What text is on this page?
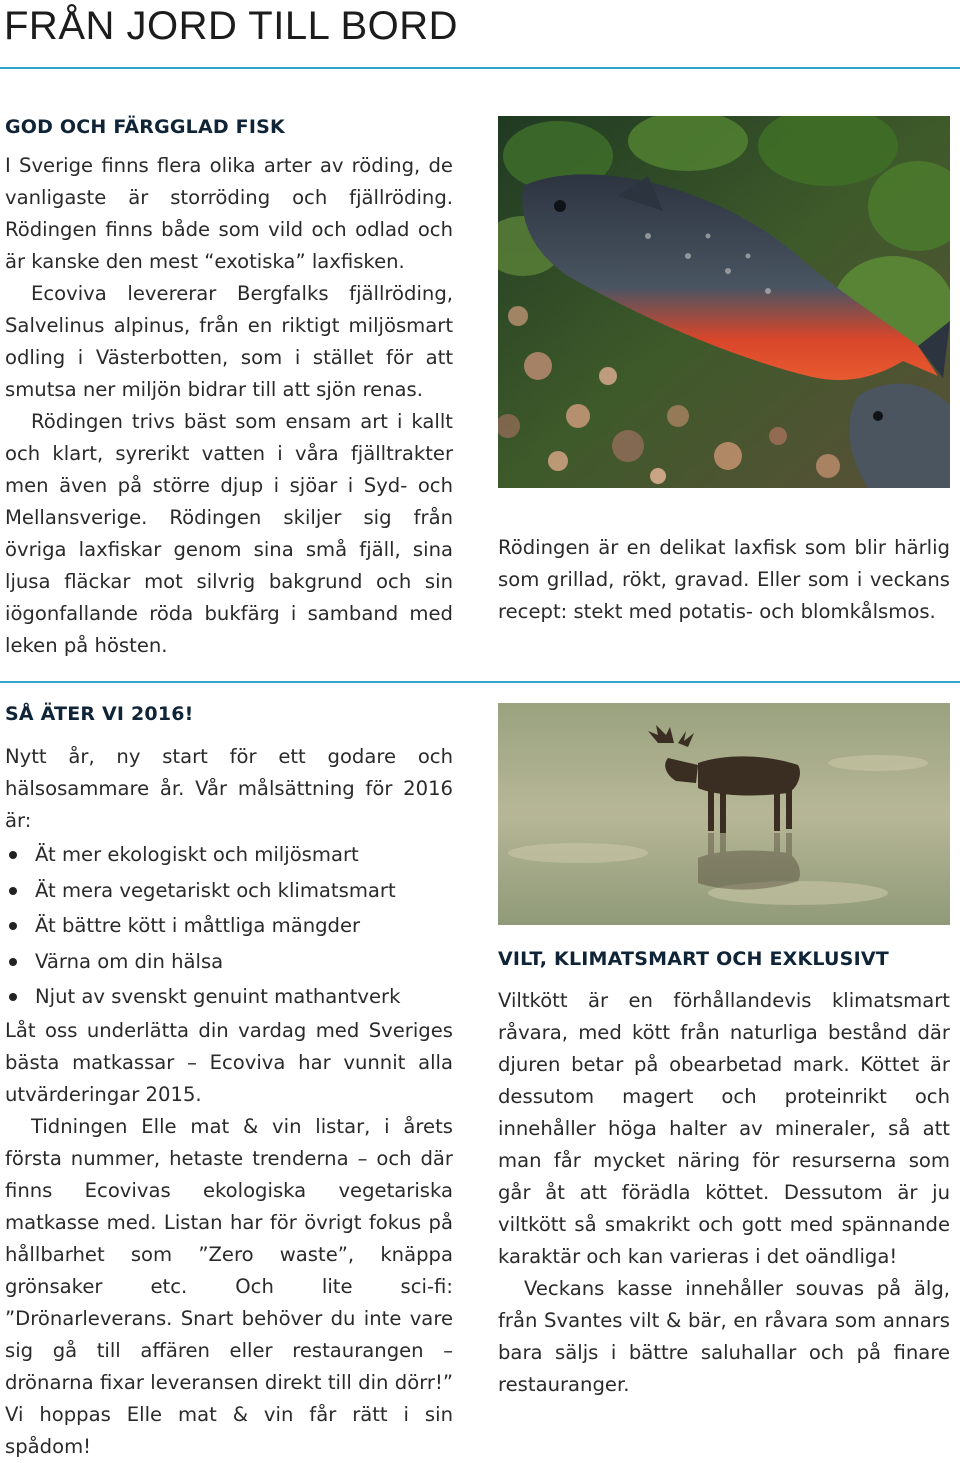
FRÅN JORD TILL BORD
GOD OCH FÄRGGLAD FISK

I Sverige finns flera olika arter av röding, de vanligaste är storröding och fjällröding. Rödingen finns både som vild och odlad och är kanske den mest “exotiska” laxfisken.

Ecoviva levererar Bergfalks fjällröding, Salvelinus alpinus, från en riktigt miljösmart odling i Västerbotten, som i stället för att smutsa ner miljön bidrar till att sjön renas.

Rödingen trivs bäst som ensam art i kallt och klart, syrerikt vatten i våra fjälltrakter men även på större djup i sjöar i Syd- och Mellansverige. Rödingen skiljer sig från övriga laxfiskar genom sina små fjäll, sina ljusa fläckar mot silvrig bakgrund och sin iögonfallande röda bukfärg i samband med leken på hösten.

Rödingen är en delikat laxfisk som blir härlig som grillad, rökt, gravad. Eller som i veckans recept: stekt med potatis- och blomkålsmos.
SÅ ÄTER VI 2016!

Nytt år, ny start för ett godare och hälsosammare år. Vår målsättning för 2016 är:

Ät mer ekologiskt och miljösmart
Ät mera vegetariskt och klimatsmart
Ät bättre kött i måttliga mängder
Värna om din hälsa
Njut av svenskt genuint mathantverk

Låt oss underlätta din vardag med Sveriges bästa matkassar – Ecoviva har vunnit alla utvärderingar 2015.

Tidningen Elle mat & vin listar, i årets första nummer, hetaste trenderna – och där finns Ecovivas ekologiska vegetariska matkasse med. Listan har för övrigt fokus på hållbarhet som ”Zero waste”, knäppa grönsaker etc. Och lite sci-fi: ”Drönarleverans. Snart behöver du inte vare sig gå till affären eller restaurangen – drönarna fixar leveransen direkt till din dörr!” Vi hoppas Elle mat & vin får rätt i sin spådom!

VILT, KLIMATSMART OCH EXKLUSIVT

Viltkött är en förhållandevis klimatsmart råvara, med kött från naturliga bestånd där djuren betar på obearbetad mark. Köttet är dessutom magert och proteinrikt och innehåller höga halter av mineraler, så att man får mycket näring för resurserna som går åt att förädla köttet. Dessutom är ju viltkött så smakrikt och gott med spännande karaktär och kan varieras i det oändliga!

Veckans kasse innehåller souvas på älg, från Svantes vilt & bär, en råvara som annars bara säljs i bättre saluhallar och på finare restauranger.
